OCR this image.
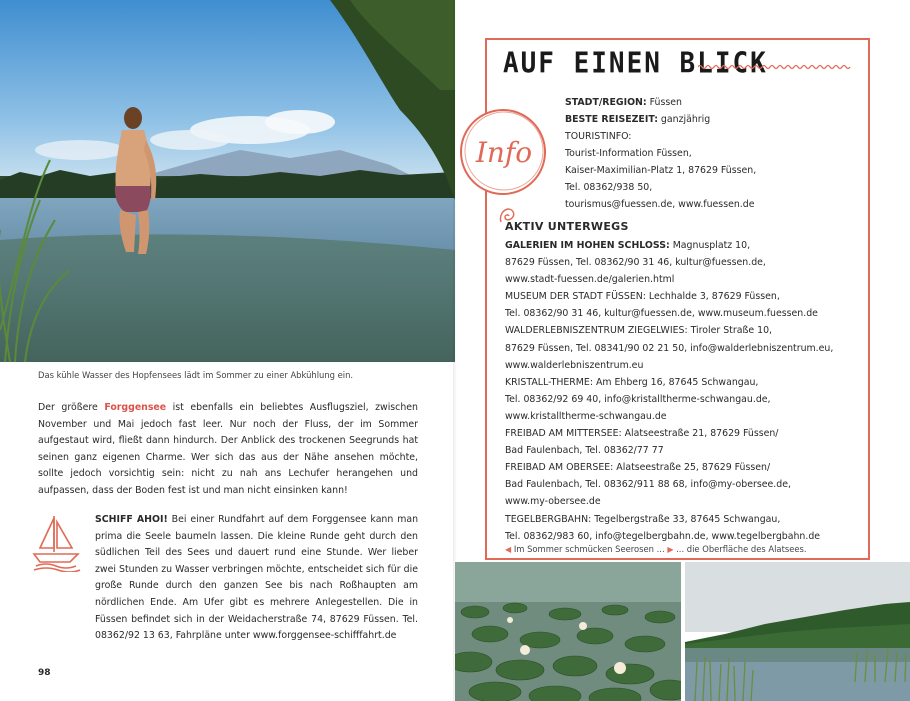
Das kühle Wasser des Hopfensees lädt im Sommer zu einer Abkühlung ein.
Der größere Forggensee ist ebenfalls ein beliebtes Ausflugsziel, zwischen November und Mai jedoch fast leer. Nur noch der Fluss, der im Sommer aufgestaut wird, fließt dann hindurch. Der Anblick des trockenen Seegrunds hat seinen ganz eigenen Charme. Wer sich das aus der Nähe ansehen möchte, sollte jedoch vorsichtig sein: nicht zu nah ans Lechufer herangehen und aufpassen, dass der Boden fest ist und man nicht einsinken kann!
SCHIFF AHOI! Bei einer Rundfahrt auf dem Forggensee kann man prima die Seele baumeln lassen. Die kleine Runde geht durch den südlichen Teil des Sees und dauert rund eine Stunde. Wer lieber zwei Stunden zu Wasser verbringen möchte, entscheidet sich für die große Runde durch den ganzen See bis nach Roßhaupten am nördlichen Ende. Am Ufer gibt es mehrere Anlegestellen. Die in Füssen befindet sich in der Weidacherstraße 74, 87629 Füssen. Tel. 08362/92 13 63, Fahrpläne unter www.forggensee-schifffahrt.de
98
AUF EINEN BLICK
Info
STADT/REGION: Füssen
BESTE REISEZEIT: ganzjährig
TOURISTINFO:
Tourist-Information Füssen,
Kaiser-Maximilian-Platz 1, 87629 Füssen,
Tel. 08362/938 50,
tourismus@fuessen.de, www.fuessen.de
AKTIV UNTERWEGS
GALERIEN IM HOHEN SCHLOSS: Magnusplatz 10,
87629 Füssen, Tel. 08362/90 31 46, kultur@fuessen.de,
www.stadt-fuessen.de/galerien.html
MUSEUM DER STADT FÜSSEN: Lechhalde 3, 87629 Füssen,
Tel. 08362/90 31 46, kultur@fuessen.de, www.museum.fuessen.de
WALDERLEBNISZENTRUM ZIEGELWIES: Tiroler Straße 10,
87629 Füssen, Tel. 08341/90 02 21 50, info@walderlebniszentrum.eu,
www.walderlebniszentrum.eu
KRISTALL-THERME: Am Ehberg 16, 87645 Schwangau,
Tel. 08362/92 69 40, info@kristalltherme-schwangau.de,
www.kristalltherme-schwangau.de
FREIBAD AM MITTERSEE: Alatseestraße 21, 87629 Füssen/
Bad Faulenbach, Tel. 08362/77 77
FREIBAD AM OBERSEE: Alatseestraße 25, 87629 Füssen/
Bad Faulenbach, Tel. 08362/911 88 68, info@my-obersee.de,
www.my-obersee.de
TEGELBERGBAHN: Tegelbergstraße 33, 87645 Schwangau,
Tel. 08362/983 60, info@tegelbergbahn.de, www.tegelbergbahn.de
◀ Im Sommer schmücken Seerosen ... ▶ ... die Oberfläche des Alatsees.
